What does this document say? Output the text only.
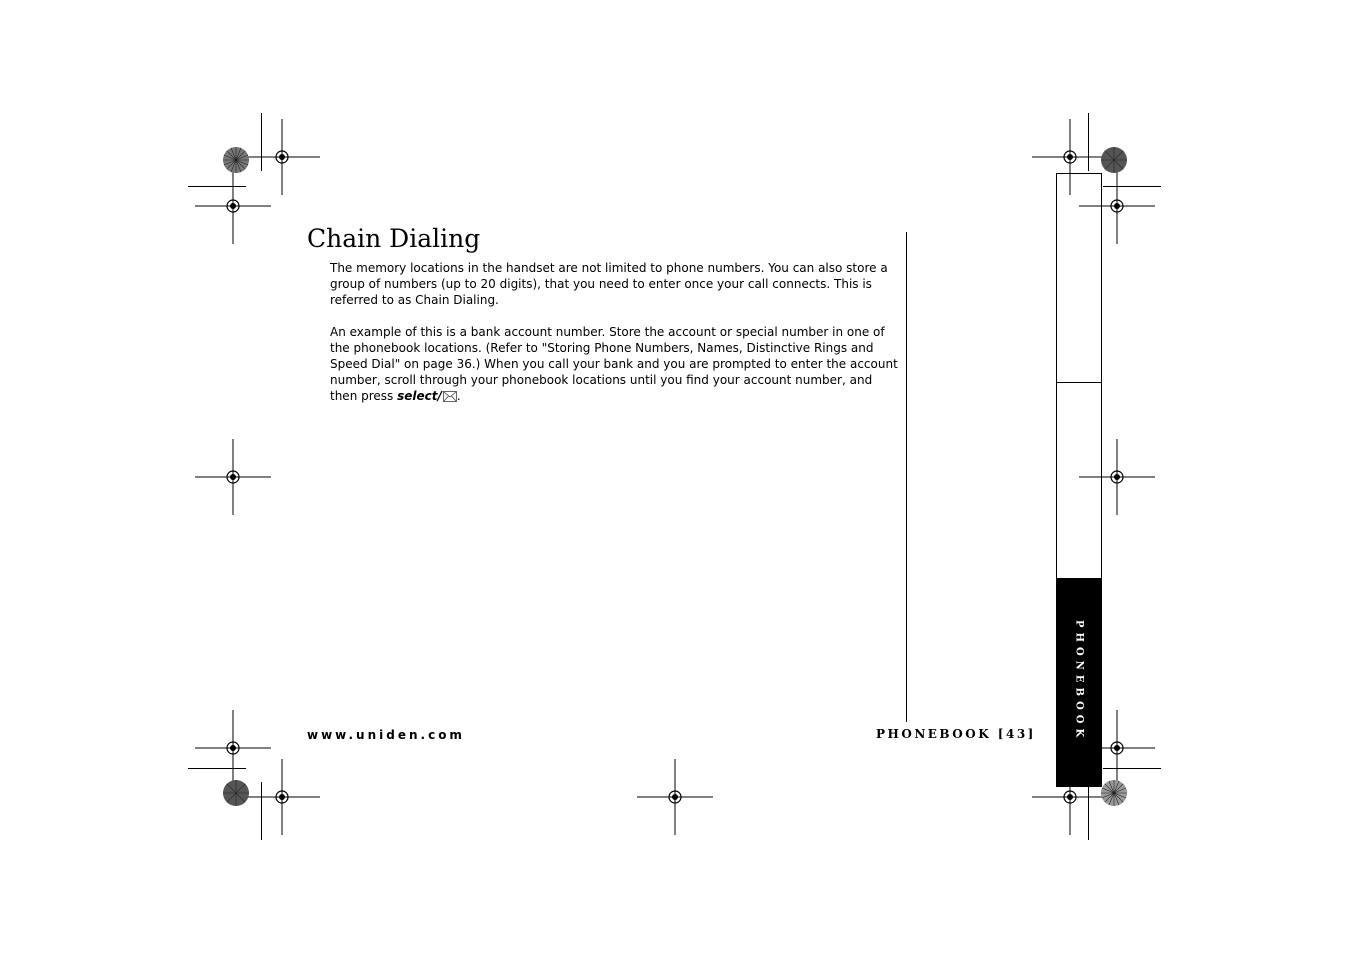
Chain Dialing

The memory locations in the handset are not limited to phone numbers. You can also store a group of numbers (up to 20 digits), that you need to enter once your call connects. This is referred to as Chain Dialing.

An example of this is a bank account number. Store the account or special number in one of the phonebook locations. (Refer to "Storing Phone Numbers, Names, Distinctive Rings and Speed Dial" on page 36.) When you call your bank and you are prompted to enter the account number, scroll through your phonebook locations until you find your account number, and then press select/ .

www.uniden.com	PHONEBOOK [43]	PHONEBOOK
